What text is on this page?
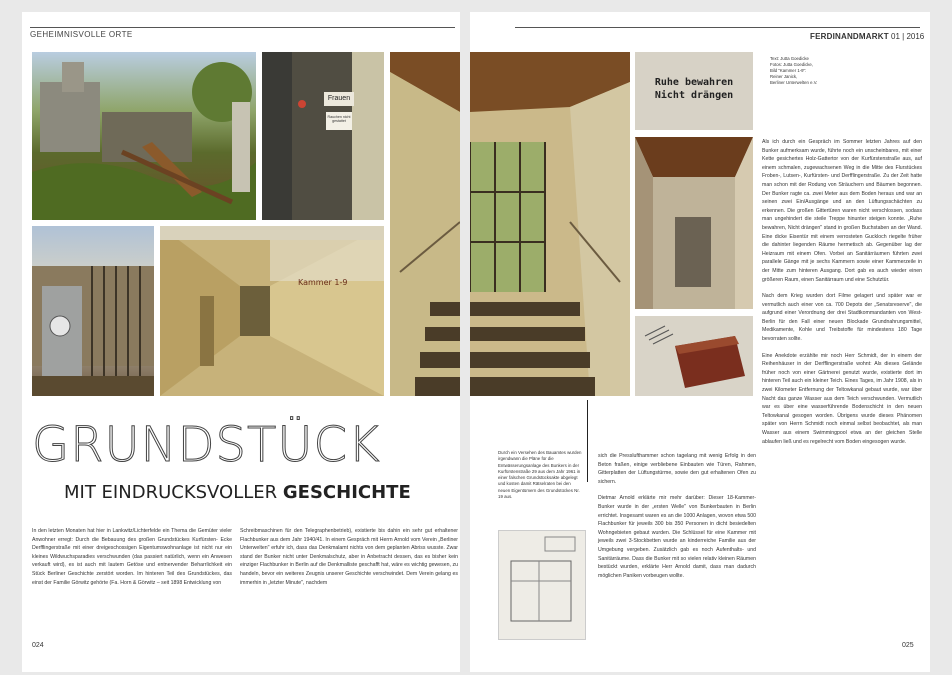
GEHEIMNISVOLLE ORTE
Frauen
Rauchen nicht gestattet
Kammer 1-9
GRUNDSTÜCK
MIT EINDRUCKSVOLLER GESCHICHTE
In den letzten Monaten hat hier in Lankwitz/Lichterfelde ein Thema die Gemüter vieler Anwohner erregt: Durch die Bebauung des großen Grundstückes Kurfürsten- Ecke Derfflingerstraße mit einer dreigeschossigen Eigentumswohnanlage ist nicht nur ein kleines Wildwuchsparadies verschwunden (das passiert natürlich, wenn ein Anwesen verkauft wird), es ist auch mit lautem Getöse und entnervender Beharrlichkeit ein Stück Berliner Geschichte zerstört worden. Im hinteren Teil des Grundstückes, das einst der Familie Görwitz gehörte (Fa. Horn & Görwitz – seit 1898 Entwicklung von
Schreibmaschinen für den Telegraphenbetrieb), existierte bis dahin ein sehr gut erhaltener Flachbunker aus dem Jahr 1940/41. In einem Gespräch mit Herrn Arnold vom Verein „Berliner Unterwelten" erfuhr ich, dass das Denkmalamt nichts von dem geplanten Abriss wusste. Zwar stand der Bunker nicht unter Denkmalschutz, aber in Anbetracht dessen, das es bisher kein einziger Flachbunker in Berlin auf die Denkmalliste geschafft hat, wäre es wichtig gewesen, zu handeln, bevor ein weiteres Zeugnis unserer Geschichte verschwindet. Dem Verein gelang es immerhin in „letzter Minute", nachdem
024
FERDINANDMARKT 01 | 2016
Ruhe bewahren
Nicht drängen
Text: Jutta Goedicke
Fotos: Jutta Goedicke,
Bild "Kammer 1-9":
Reiner Janick,
Berliner Unterwelten e.V.
Durch ein Versehen des Bauamtes wurden irgendwann die Pläne für die Entwässerungsanlage des Bunkers in der Kurfürstenstraße 29 aus dem Jahr 1961 in einer falschen Grundstücksakte abgelegt und kosten damit Rätselraten bei den neuen Eigentümern des Grundstückes Nr. 19 aus.

sich die Presslufthammer schon tagelang mit wenig Erfolg in den Beton fraßen, einige verbliebene Einbauten wie Türen, Rahmen, Gitterplatten der Lüftungstürme, sowie den gut erhaltenen Ofen zu sichern.

Dietmar Arnold erklärte mir mehr darüber: Dieser 18-Kammer-Bunker wurde in der „ersten Welle" von Bunkerbauten in Berlin errichtet. Insgesamt waren es an die 1000 Anlagen, wovon etwa 500 Flachbunker für jeweils 300 bis 350 Personen in dicht besiedelten Wohngebieten gebaut wurden. Die Schlüssel für eine Kammer mit jeweils zwei 3-Stockbetten wurde an kinderreiche Familie aus der Umgebung vergeben. Zusätzlich gab es noch Aufenthalts- und Sanitärräume. Dass die Bunker mit so vielen relativ kleinen Räumen bestückt wurden, erklärte Herr Arnold damit, dass man dadurch möglichen Paniken vorbeugen wollte.

Als ich durch ein Gespräch im Sommer letzten Jahres auf den Bunker aufmerksam wurde, führte noch ein unscheinbares, mit einer Kette gesichertes Holz-Gattertor von der Kurfürstenstraße aus, auf einem schmalen, zugewachsenen Weg in die Mitte des Flurstückes Froben-, Lutsen-, Kurfürsten- und Derfflingerstraße. Zu der Zeit hatte man schon mit der Rodung von Sträuchern und Bäumen begonnen. Der Bunker ragte ca. zwei Meter aus dem Boden heraus und war an seinen zwei Ein/Ausgänge und an den Lüftungsschächten zu erkennen. Die großen Gittertüren waren nicht verschlossen, sodass man ungehindert die steile Treppe hinunter steigen konnte. „Ruhe bewahren, Nicht drängen" stand in großen Buchstaben an der Wand. Eine dicke Eisentür mit einem verrosteten Guckloch riegelte früher die dahinter liegenden Räume hermetisch ab. Gegenüber lag der Heizraum mit einem Ofen. Vorbei an Sanitärräumen führten zwei parallele Gänge mit je sechs Kammern sowie einer Kammerzeile in der Mitte zum hinteren Ausgang. Dort gab es auch wieder einen größeren Raum, einen Sanitärraum und eine Schutztür.

Nach dem Krieg wurden dort Filme gelagert und später war er vermutlich auch einer von ca. 700 Depots der „Senatsreserve", die aufgrund einer Verordnung der drei Stadtkommandanten von West-Berlin für den Fall einer neuen Blockade Grundnahrungsmittel, Medikamente, Kohle und Treibstoffe für mindestens 180 Tage bevorraten sollte.

Eine Anekdote erzählte mir noch Herr Schmidt, der in einem der Reihenhäuser in der Derfflingerstraße wohnt: Als dieses Gelände früher noch von einer Gärtnerei genutzt wurde, existierte dort im hinteren Teil auch ein kleiner Teich. Eines Tages, im Jahr 1908, als in zwei Kilometer Entfernung der Teltowkanal gebaut wurde, war über Nacht das ganze Wasser aus dem Teich verschwunden. Vermutlich war es über eine wasserführende Bodenschicht in den neuen Teltowkanal gesogen worden. Übrigens wurde dieses Phänomen später von Herrn Schmidt noch einmal selbst beobachtet, als man Wasser aus einem Swimmingpool etwa an der gleichen Stelle ablaufen ließ und es regelrecht vom Boden eingesogen wurde.

025
